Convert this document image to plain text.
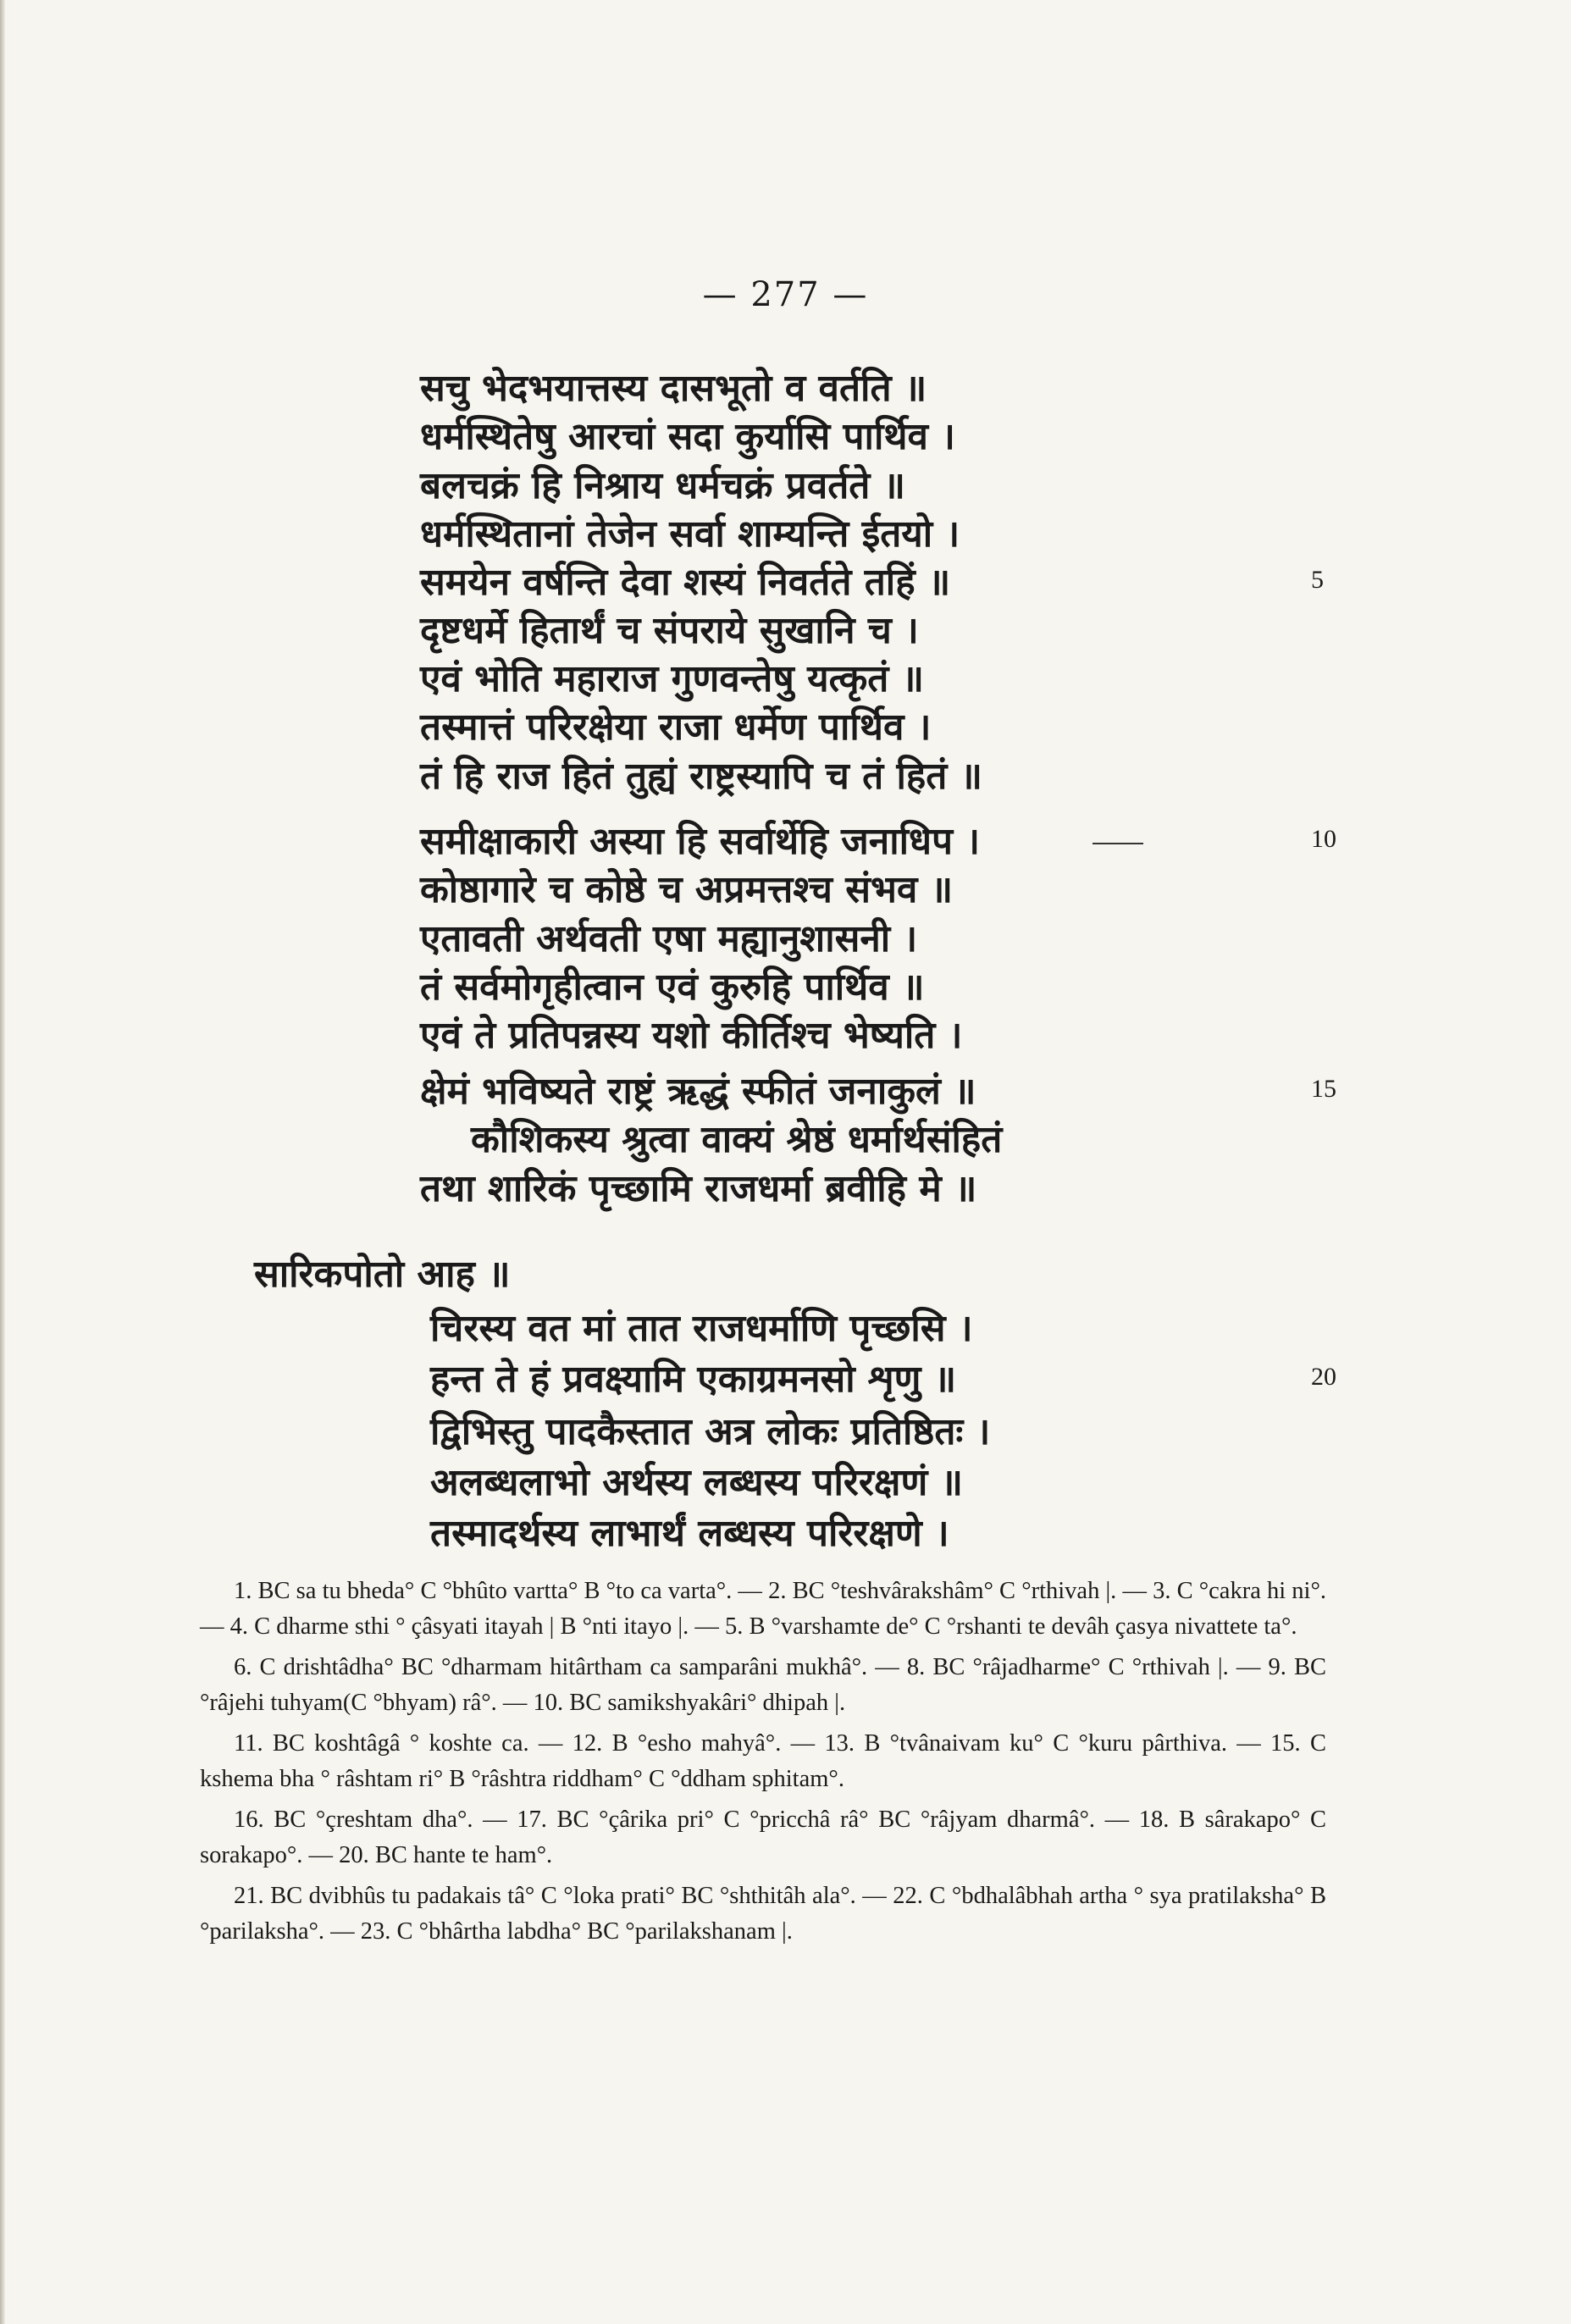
— 277 —
सचु भेदभयात्तस्य दासभूतो व वर्तति ॥
धर्मस्थितेषु आरचां सदा कुर्यासि पार्थिव ।
बलचक्रं हि निश्राय धर्मचक्रं प्रवर्तते ॥
धर्मस्थितानां तेजेन सर्वा शाम्यन्ति ईतयो ।
समयेन वर्षन्ति देवा शस्यं निवर्तते तहिं ॥	5
दृष्टधर्मे हितार्थं च संपराये सुखानि च ।
एवं भोति महाराज गुणवन्तेषु यत्कृतं ॥
तस्मात्तं परिरक्षेया राजा धर्मेण पार्थिव ।
तं हि राज हितं तुह्यं राष्ट्रस्यापि च तं हितं ॥
समीक्षाकारी अस्या हि सर्वार्थेहि जनाधिप ।	10
कोष्ठागारे च कोष्ठे च अप्रमत्तश्च संभव ॥
एतावती अर्थवती एषा मह्यानुशासनी ।
तं सर्वमोगृहीत्वान एवं कुरुहि पार्थिव ॥
एवं ते प्रतिपन्नस्य यशो कीर्तिश्च भेष्यति ।
क्षेमं भविष्यते राष्ट्रं ऋद्धं स्फीतं जनाकुलं ॥	15
कौशिकस्य श्रुत्वा वाक्यं श्रेष्ठं धर्मार्थसंहितं
तथा शारिकं पृच्छामि राजधर्मा ब्रवीहि मे ॥
सारिकपोतो आह ॥
चिरस्य वत मां तात राजधर्माणि पृच्छसि ।
हन्त ते हं प्रवक्ष्यामि एकाग्रमनसो शृणु ॥	20
द्विभिस्तु पादकैस्तात अत्र लोकः प्रतिष्ठितः ।
अलब्धलाभो अर्थस्य लब्धस्य परिरक्षणं ॥
तस्मादर्थस्य लाभार्थं लब्धस्य परिरक्षणे ।

1. BC sa tu bheda° C °bhûto vartta° B °to ca varta°. — 2. BC °teshvârakshâm° C °rthivah |. — 3. C °cakra hi ni°. — 4. C dharme sthi ° çâsyati itayah | B °nti itayo |. — 5. B °varshamte de° C °rshanti te devâh çasya nivattete ta°.

6. C drishtâdha° BC °dharmam hitârtham ca samparâni mukhâ°. — 8. BC °râjadharme° C °rthivah |. — 9. BC °râjehi tuhyam(C °bhyam) râ°. — 10. BC samikshyakâri° dhipah |.

11. BC koshtâgâ ° koshte ca. — 12. B °esho mahyâ°. — 13. B °tvânaivam ku° C °kuru pârthiva. — 15. C kshema bha ° râshtam ri° B °râshtra riddham° C °ddham sphitam°.

16. BC °çreshtam dha°. — 17. BC °çârika pri° C °pricchâ râ° BC °râjyam dharmâ°. — 18. B sârakapo° C sorakapo°. — 20. BC hante te ham°.

21. BC dvibhûs tu padakais tâ° C °loka prati° BC °shthitâh ala°. — 22. C °bdhalâbhah artha ° sya pratilaksha° B °parilaksha°. — 23. C °bhârtha labdha° BC °parilakshanam |.
